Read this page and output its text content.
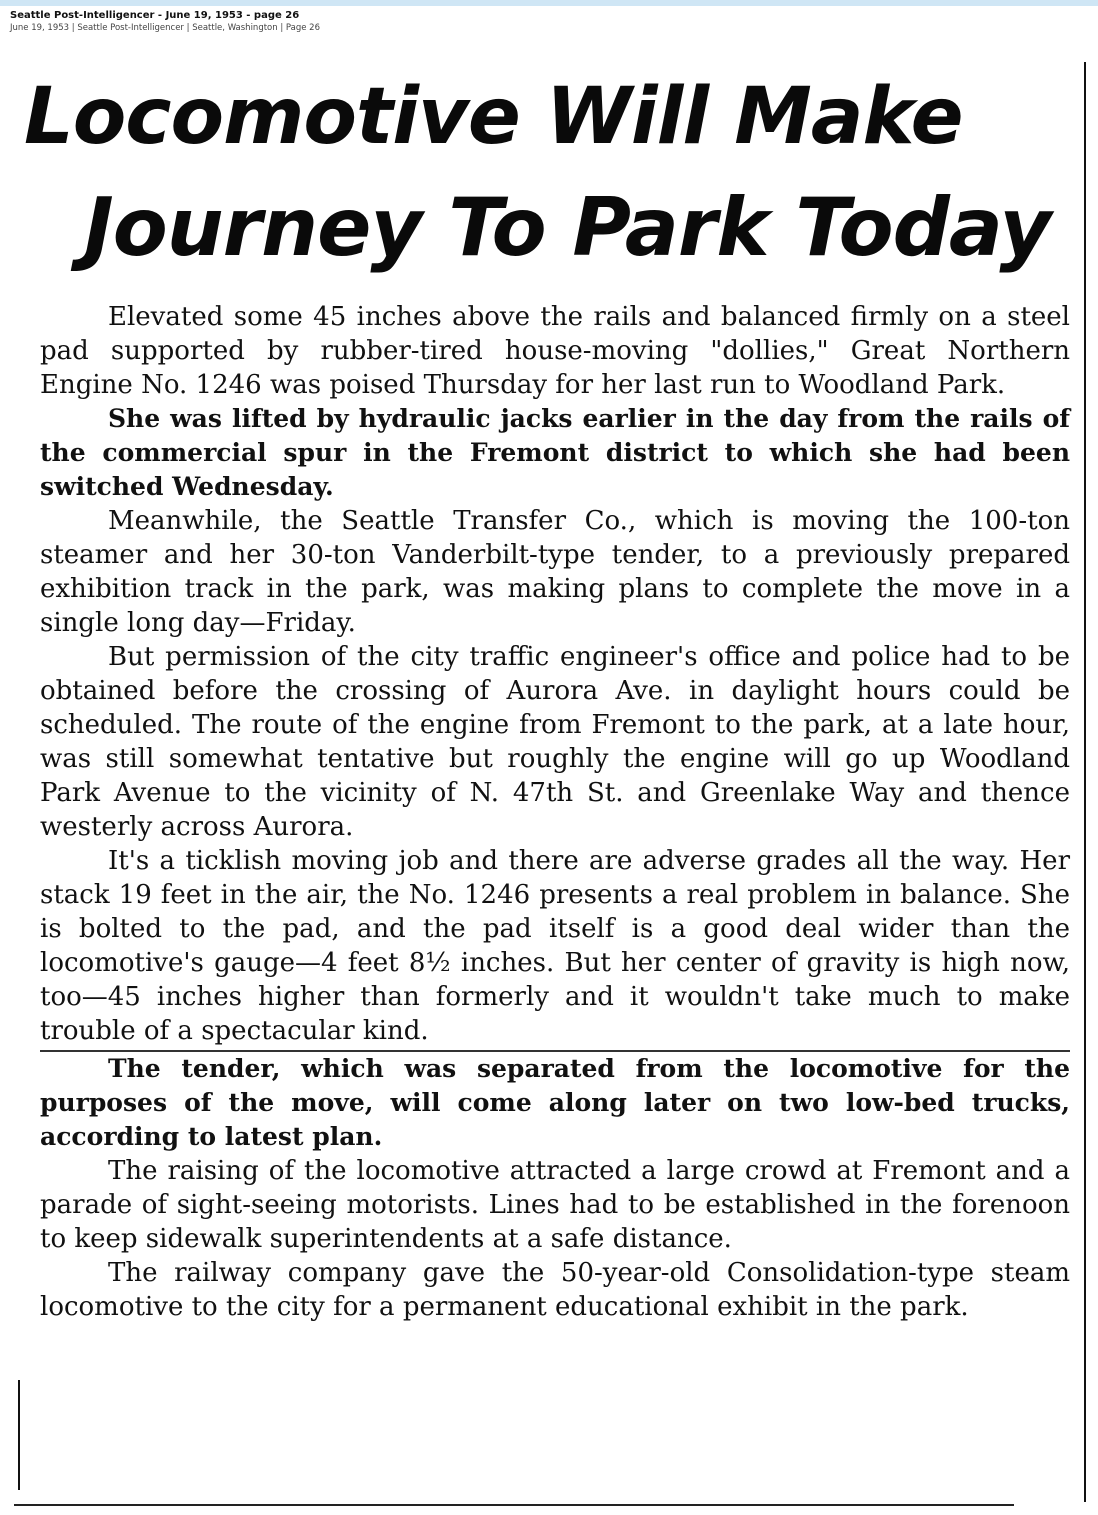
Seattle Post-Intelligencer - June 19, 1953 - page 26
June 19, 1953 | Seattle Post-Intelligencer | Seattle, Washington | Page 26
Locomotive Will Make
Journey To Park Today

Elevated some 45 inches above the rails and balanced firmly on a steel pad supported by rubber-tired house-moving "dollies," Great Northern Engine No. 1246 was poised Thursday for her last run to Woodland Park.

She was lifted by hydraulic jacks earlier in the day from the rails of the commercial spur in the Fremont district to which she had been switched Wednesday.

Meanwhile, the Seattle Transfer Co., which is moving the 100-ton steamer and her 30-ton Vanderbilt-type tender, to a previously prepared exhibition track in the park, was making plans to complete the move in a single long day—Friday.

But permission of the city traffic engineer's office and police had to be obtained before the crossing of Aurora Ave. in daylight hours could be scheduled. The route of the engine from Fremont to the park, at a late hour, was still somewhat tentative but roughly the engine will go up Woodland Park Avenue to the vicinity of N. 47th St. and Greenlake Way and thence westerly across Aurora.

It's a ticklish moving job and there are adverse grades all the way. Her stack 19 feet in the air, the No. 1246 presents a real problem in balance. She is bolted to the pad, and the pad itself is a good deal wider than the locomotive's gauge—4 feet 8½ inches. But her center of gravity is high now, too—45 inches higher than formerly and it wouldn't take much to make trouble of a spectacular kind.

The tender, which was separated from the locomotive for the purposes of the move, will come along later on two low-bed trucks, according to latest plan.

The raising of the locomotive attracted a large crowd at Fremont and a parade of sight-seeing motorists. Lines had to be established in the forenoon to keep sidewalk superintendents at a safe distance.

The railway company gave the 50-year-old Consolidation-type steam locomotive to the city for a permanent educational exhibit in the park.
